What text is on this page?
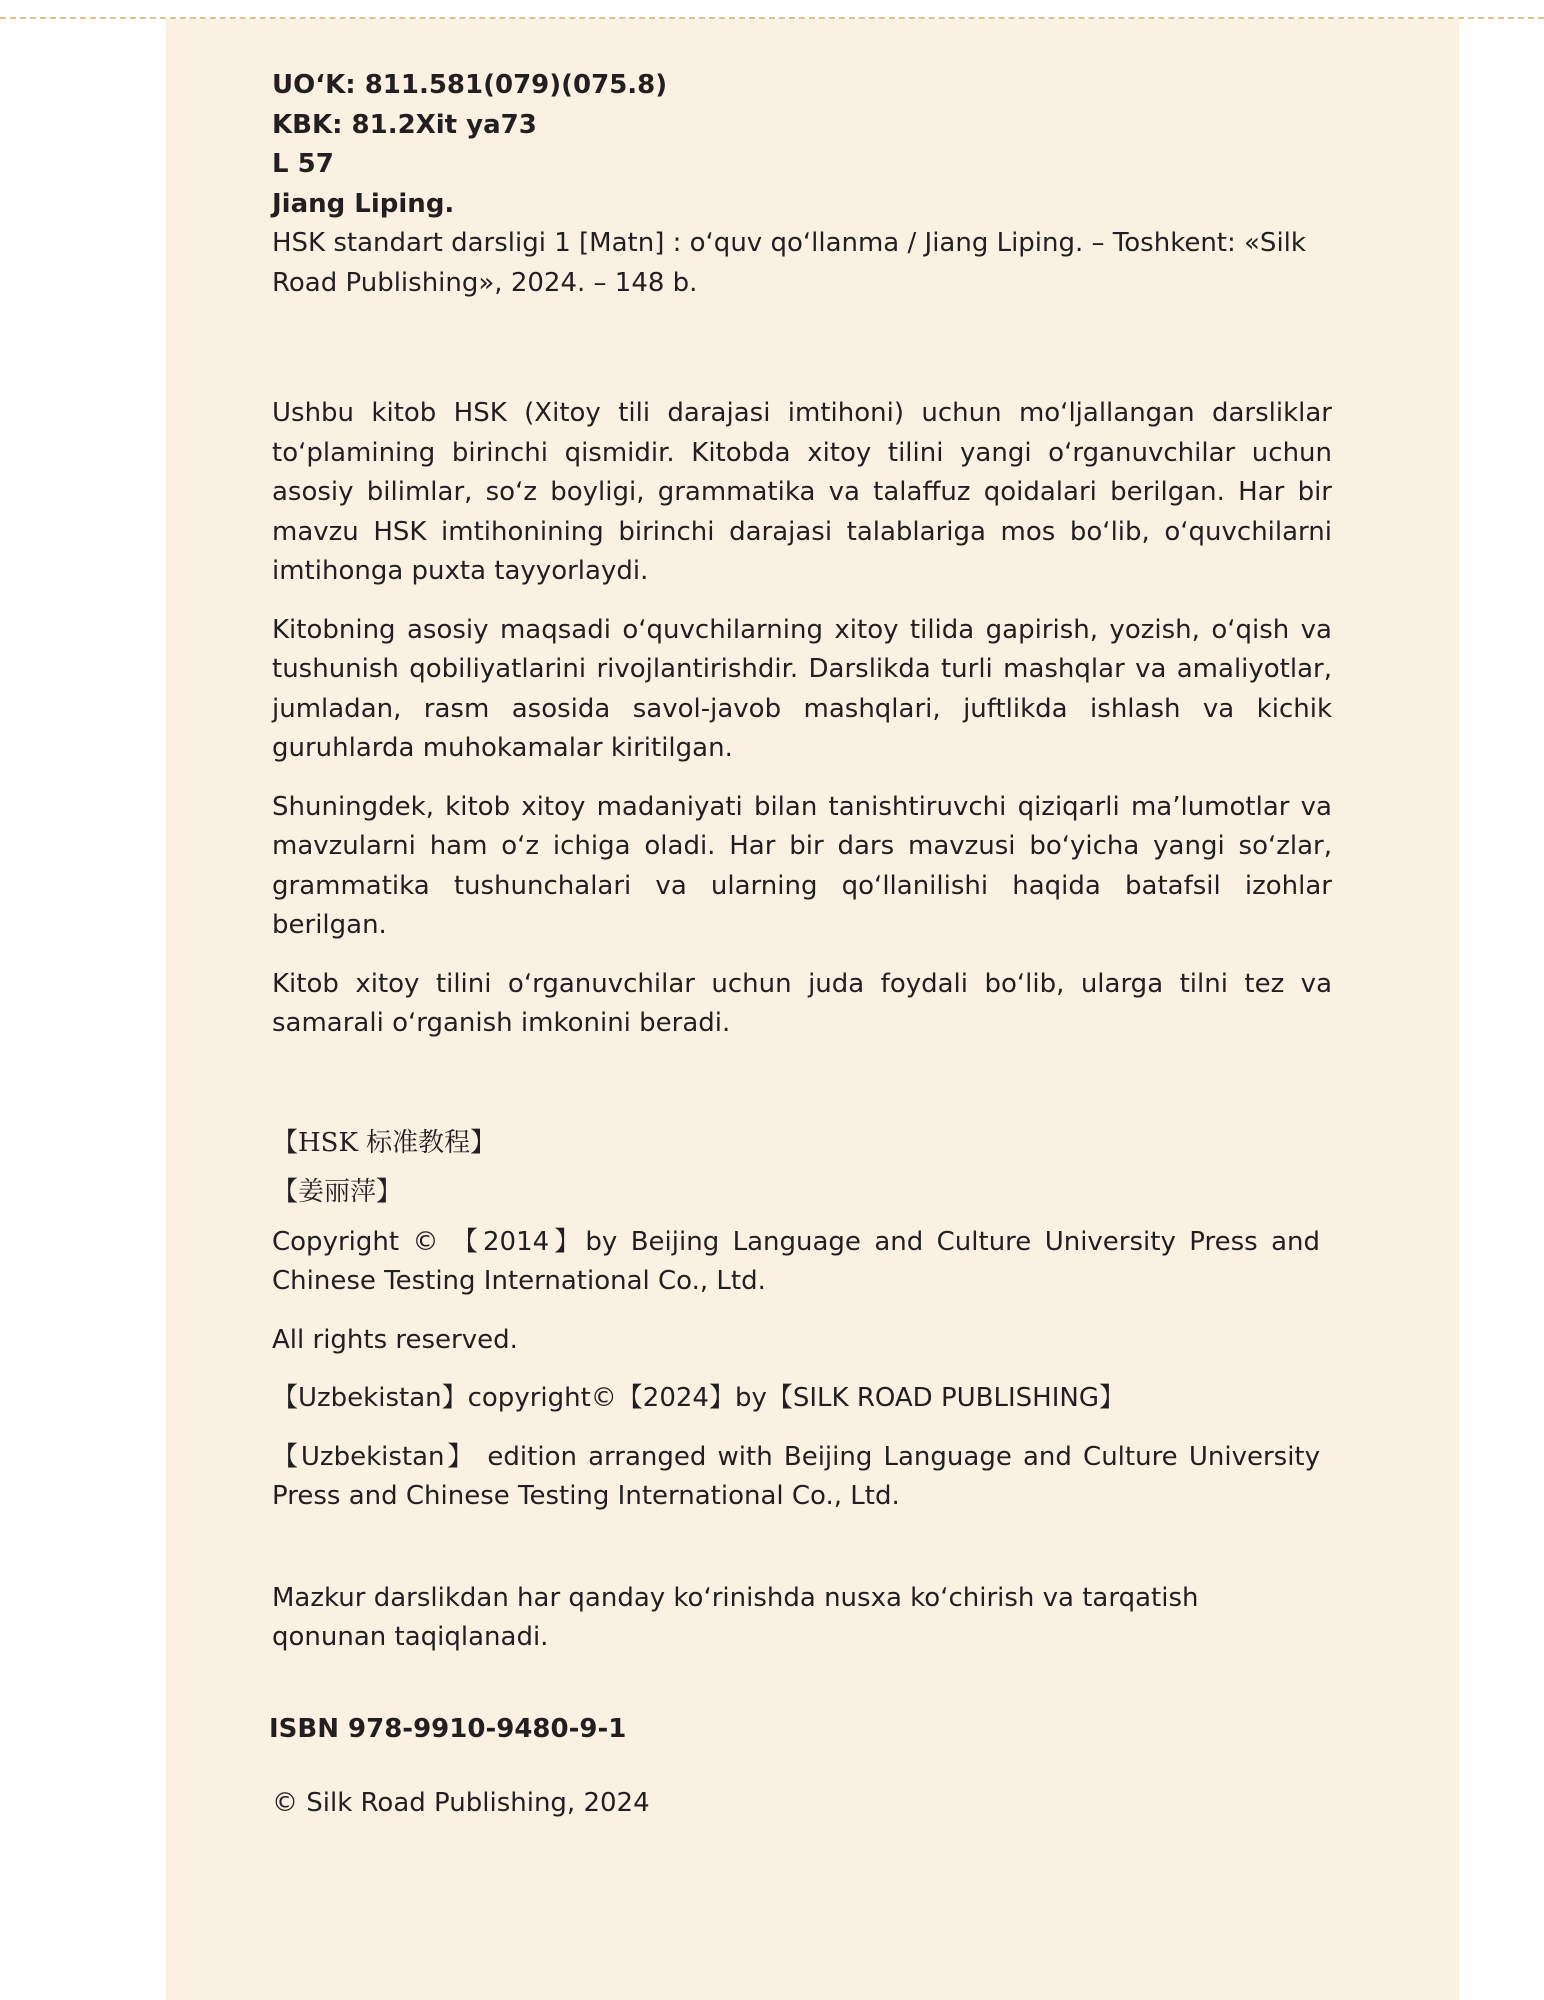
UOʻK: 811.581(079)(075.8)

KBK: 81.2Xit ya73

L 57

Jiang Liping.

HSK standart darsligi 1 [Matn] : oʻquv qoʻllanma / Jiang Liping. – Toshkent: «Silk Road Publishing», 2024. – 148 b.

Ushbu kitob HSK (Xitoy tili darajasi imtihoni) uchun moʻljallangan darsliklar toʻplamining birinchi qismidir. Kitobda xitoy tilini yangi oʻrganuvchilar uchun asosiy bilimlar, soʻz boyligi, grammatika va talaffuz qoidalari berilgan. Har bir mavzu HSK imtihonining birinchi darajasi talablariga mos boʻlib, oʻquvchilarni imtihonga puxta tayyorlaydi.

Kitobning asosiy maqsadi oʻquvchilarning xitoy tilida gapirish, yozish, oʻqish va tushunish qobiliyatlarini rivojlantirishdir. Darslikda turli mashqlar va amaliyotlar, jumladan, rasm asosida savol-javob mashqlari, juftlikda ishlash va kichik guruhlarda muhokamalar kiritilgan.

Shuningdek, kitob xitoy madaniyati bilan tanishtiruvchi qiziqarli maʼlumotlar va mavzularni ham oʻz ichiga oladi. Har bir dars mavzusi boʻyicha yangi soʻzlar, grammatika tushunchalari va ularning qoʻllanilishi haqida batafsil izohlar berilgan.

Kitob xitoy tilini oʻrganuvchilar uchun juda foydali boʻlib, ularga tilni tez va samarali oʻrganish imkonini beradi.

【HSK 标准教程】

【姜丽萍】

Copyright © 【2014】by Beijing Language and Culture University Press and Chinese Testing International Co., Ltd.

All rights reserved.

【Uzbekistan】copyright©【2024】by【SILK ROAD PUBLISHING】

【Uzbekistan】 edition arranged with Beijing Language and Culture University Press and Chinese Testing International Co., Ltd.

Mazkur darslikdan har qanday koʻrinishda nusxa koʻchirish va tarqatish qonunan taqiqlanadi.
ISBN 978-9910-9480-9-1
© Silk Road Publishing, 2024
